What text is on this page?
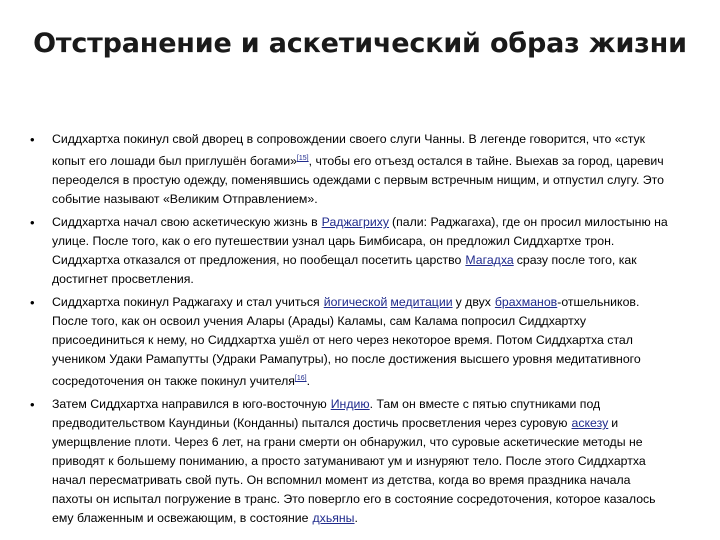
Отстранение и аскетический образ жизни
• Сиддхартха покинул свой дворец в сопровождении своего слуги Чанны. В легенде говорится, что «стук копыт его лошади был приглушён богами»[15], чтобы его отъезд остался в тайне. Выехав за город, царевич переоделся в простую одежду, поменявшись одеждами с первым встречным нищим, и отпустил слугу. Это событие называют «Великим Отправлением».
• Сиддхартха начал свою аскетическую жизнь в Раджагриху (пали: Раджагаха), где он просил милостыню на улице. После того, как о его путешествии узнал царь Бимбисара, он предложил Сиддхартхе трон. Сиддхартха отказался от предложения, но пообещал посетить царство Магадха сразу после того, как достигнет просветления.
• Сиддхартха покинул Раджагаху и стал учиться йогической медитации у двух брахманов-отшельников. После того, как он освоил учения Алары (Арады) Каламы, сам Калама попросил Сиддхартху присоединиться к нему, но Сиддхартха ушёл от него через некоторое время. Потом Сиддхартха стал учеником Удаки Рамапутты (Удраки Рамапутры), но после достижения высшего уровня медитативного сосредоточения он также покинул учителя[16].
• Затем Сиддхартха направился в юго-восточную Индию. Там он вместе с пятью спутниками под предводительством Каундиньи (Конданны) пытался достичь просветления через суровую аскезу и умерщвление плоти. Через 6 лет, на грани смерти он обнаружил, что суровые аскетические методы не приводят к большему пониманию, а просто затуманивают ум и изнуряют тело. После этого Сиддхартха начал пересматривать свой путь. Он вспомнил момент из детства, когда во время праздника начала пахоты он испытал погружение в транс. Это повергло его в состояние сосредоточения, которое казалось ему блаженным и освежающим, в состояние дхьяны.
